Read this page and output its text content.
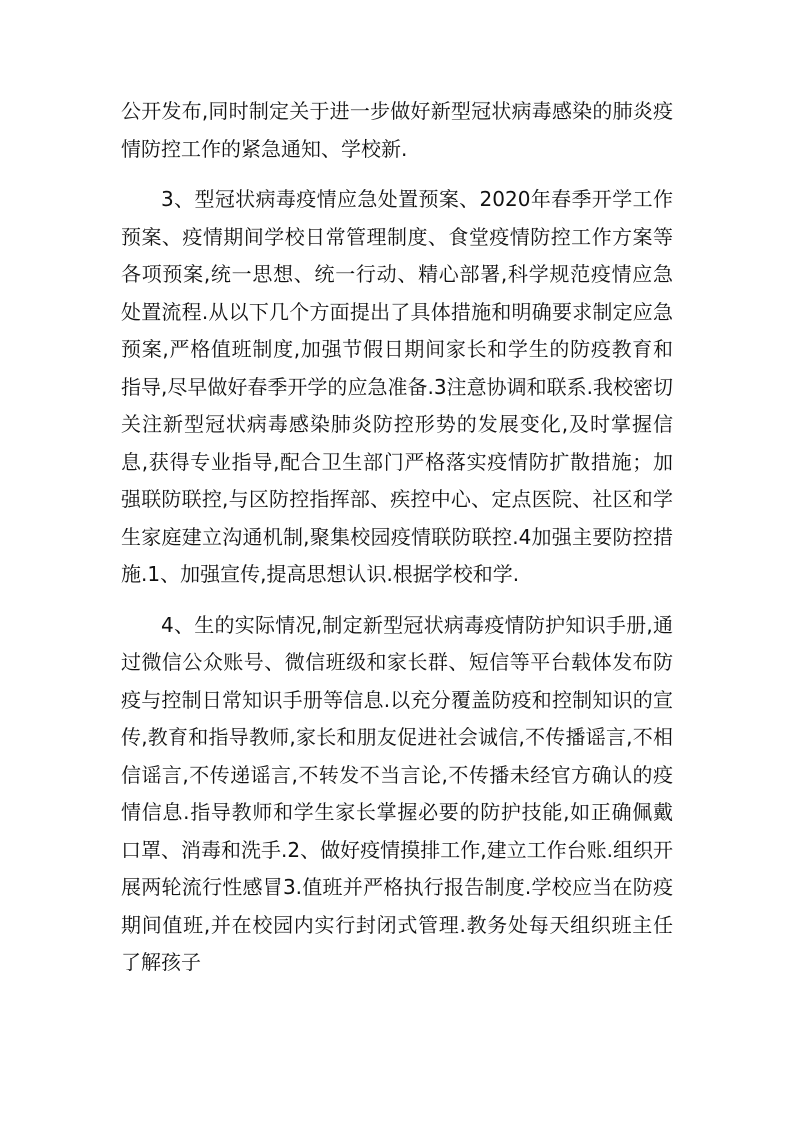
公开发布,同时制定关于进一步做好新型冠状病毒感染的肺炎疫情防控工作的紧急通知、学校新.

3、型冠状病毒疫情应急处置预案、2020年春季开学工作预案、疫情期间学校日常管理制度、食堂疫情防控工作方案等各项预案,统一思想、统一行动、精心部署,科学规范疫情应急处置流程.从以下几个方面提出了具体措施和明确要求制定应急预案,严格值班制度,加强节假日期间家长和学生的防疫教育和指导,尽早做好春季开学的应急准备.3注意协调和联系.我校密切关注新型冠状病毒感染肺炎防控形势的发展变化,及时掌握信息,获得专业指导,配合卫生部门严格落实疫情防扩散措施；加强联防联控,与区防控指挥部、疾控中心、定点医院、社区和学生家庭建立沟通机制,聚集校园疫情联防联控.4加强主要防控措施.1、加强宣传,提高思想认识.根据学校和学.

4、生的实际情况,制定新型冠状病毒疫情防护知识手册,通过微信公众账号、微信班级和家长群、短信等平台载体发布防疫与控制日常知识手册等信息.以充分覆盖防疫和控制知识的宣传,教育和指导教师,家长和朋友促进社会诚信,不传播谣言,不相信谣言,不传递谣言,不转发不当言论,不传播未经官方确认的疫情信息.指导教师和学生家长掌握必要的防护技能,如正确佩戴口罩、消毒和洗手.2、做好疫情摸排工作,建立工作台账.组织开展两轮流行性感冒3.值班并严格执行报告制度.学校应当在防疫期间值班,并在校园内实行封闭式管理.教务处每天组织班主任了解孩子
